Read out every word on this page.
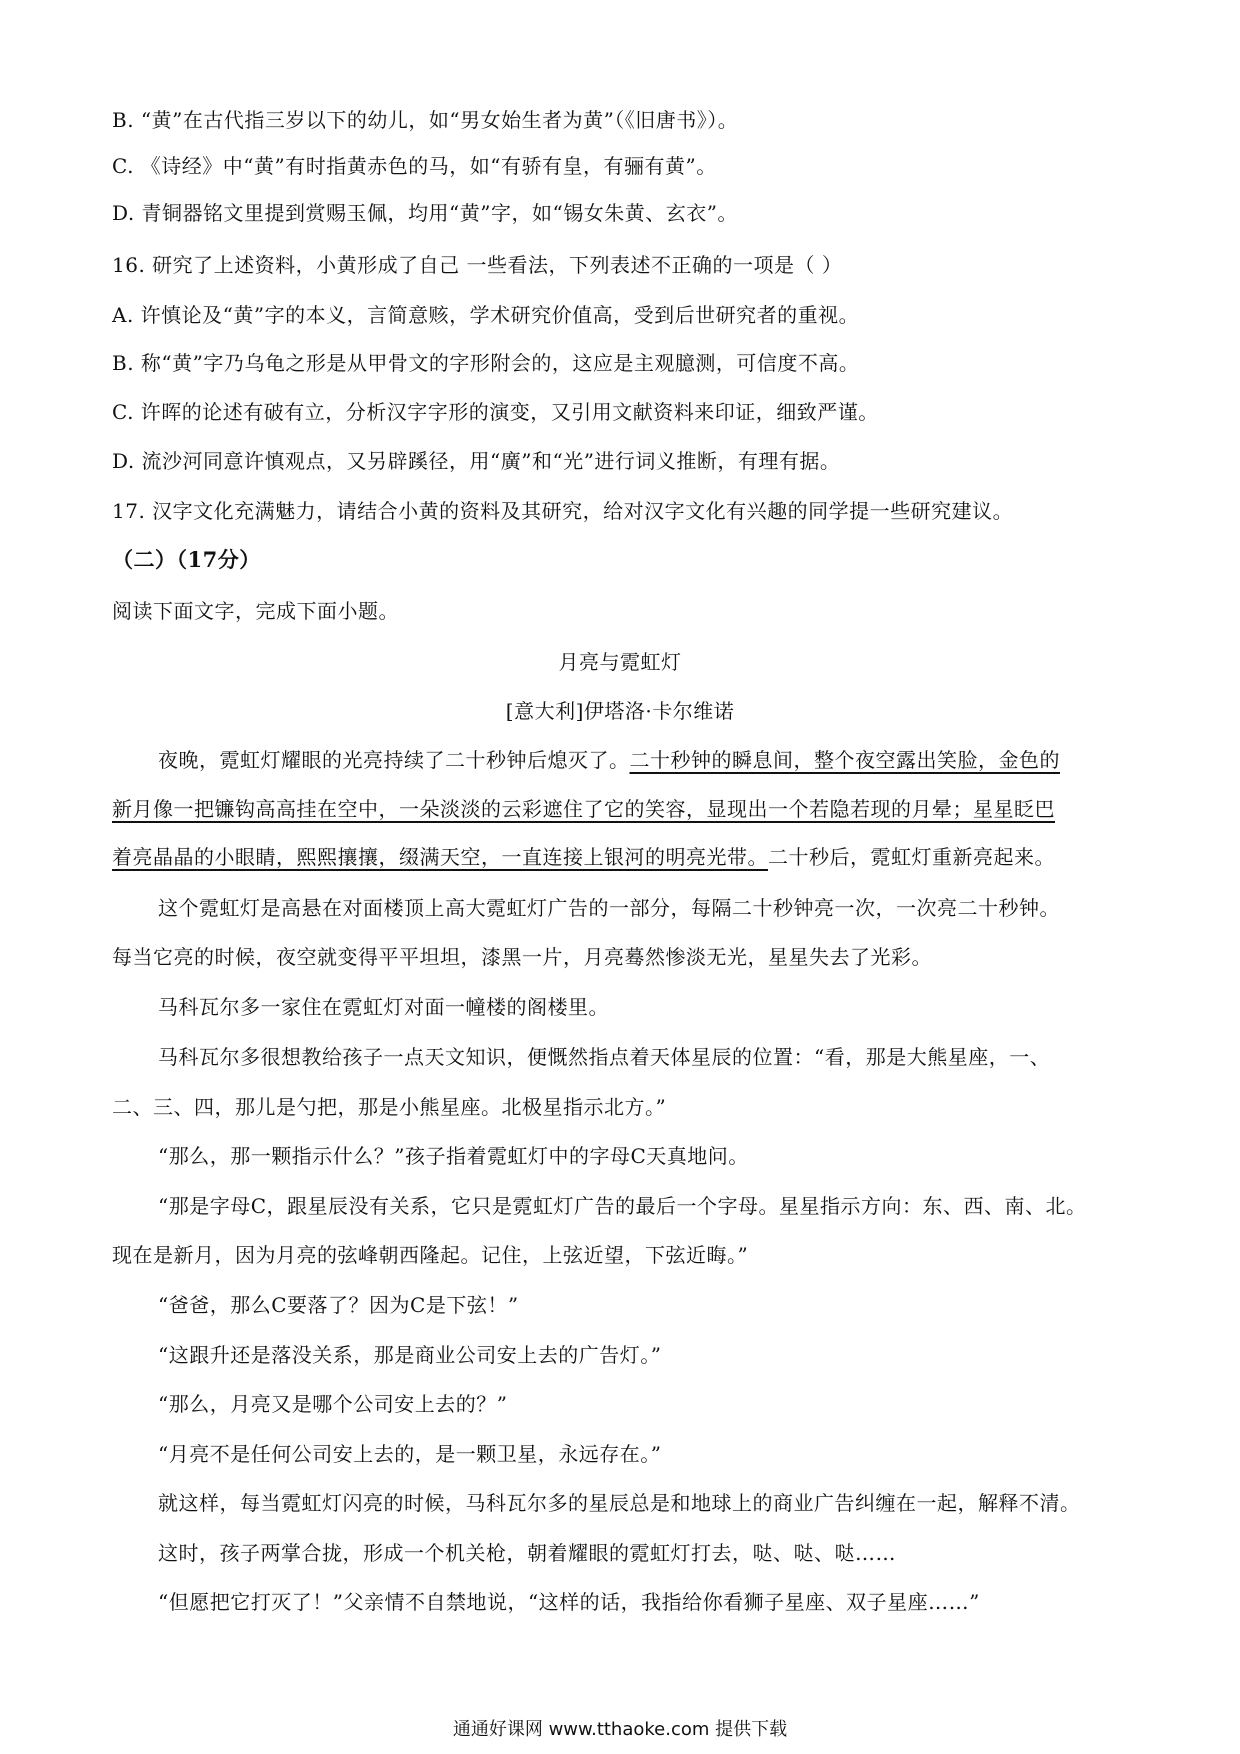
B. “黄”在古代指三岁以下的幼儿，如“男女始生者为黄”（《旧唐书》）。
C. 《诗经》中“黄”有时指黄赤色的马，如“有骄有皇，有骊有黄”。
D. 青铜器铭文里提到赏赐玉佩，均用“黄”字，如“锡女朱黄、玄衣”。
16. 研究了上述资料，小黄形成了自己 一些看法，下列表述不正确的一项是（ ）
A. 许慎论及“黄”字的本义，言简意赅，学术研究价值高，受到后世研究者的重视。
B. 称“黄”字乃乌龟之形是从甲骨文的字形附会的，这应是主观臆测，可信度不高。
C. 许晖的论述有破有立，分析汉字字形的演变，又引用文献资料来印证，细致严谨。
D. 流沙河同意许慎观点，又另辟蹊径，用“廣”和“光”进行词义推断，有理有据。
17. 汉字文化充满魅力，请结合小黄的资料及其研究，给对汉字文化有兴趣的同学提一些研究建议。
（二）（17分）
阅读下面文字，完成下面小题。
月亮与霓虹灯
[意大利]伊塔洛·卡尔维诺
夜晚，霓虹灯耀眼的光亮持续了二十秒钟后熄灭了。二十秒钟的瞬息间，整个夜空露出笑脸，金色的
新月像一把镰钩高高挂在空中，一朵淡淡的云彩遮住了它的笑容，显现出一个若隐若现的月晕；星星眨巴
着亮晶晶的小眼睛，熙熙攘攘，缀满天空，一直连接上银河的明亮光带。二十秒后，霓虹灯重新亮起来。
这个霓虹灯是高悬在对面楼顶上高大霓虹灯广告的一部分，每隔二十秒钟亮一次，一次亮二十秒钟。
每当它亮的时候，夜空就变得平平坦坦，漆黑一片，月亮蓦然惨淡无光，星星失去了光彩。
马科瓦尔多一家住在霓虹灯对面一幢楼的阁楼里。
马科瓦尔多很想教给孩子一点天文知识，便慨然指点着天体星辰的位置：“看，那是大熊星座，一、
二、三、四，那儿是勺把，那是小熊星座。北极星指示北方。”
“那么，那一颗指示什么？”孩子指着霓虹灯中的字母C天真地问。
“那是字母C，跟星辰没有关系，它只是霓虹灯广告的最后一个字母。星星指示方向：东、西、南、北。
现在是新月，因为月亮的弦峰朝西隆起。记住，上弦近望，下弦近晦。”
“爸爸，那么C要落了？因为C是下弦！”
“这跟升还是落没关系，那是商业公司安上去的广告灯。”
“那么，月亮又是哪个公司安上去的？”
“月亮不是任何公司安上去的，是一颗卫星，永远存在。”
就这样，每当霓虹灯闪亮的时候，马科瓦尔多的星辰总是和地球上的商业广告纠缠在一起，解释不清。
这时，孩子两掌合拢，形成一个机关枪，朝着耀眼的霓虹灯打去，哒、哒、哒……
“但愿把它打灭了！”父亲情不自禁地说，“这样的话，我指给你看狮子星座、双子星座……”
通通好课网 www.tthaoke.com 提供下载
